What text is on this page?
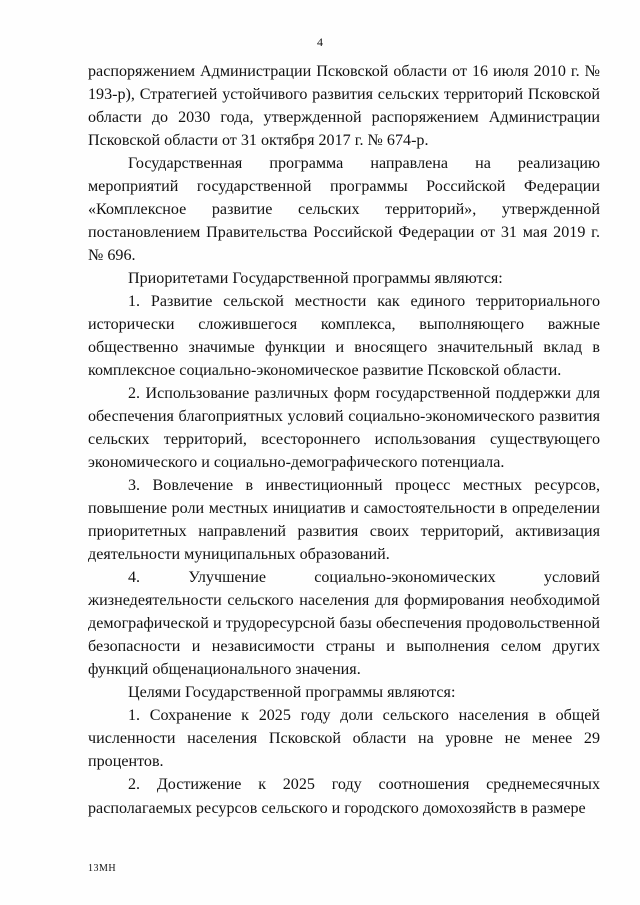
4

распоряжением Администрации Псковской области от 16 июля 2010 г. № 193-р), Стратегией устойчивого развития сельских территорий Псковской области до 2030 года, утвержденной распоряжением Администрации Псковской области от 31 октября 2017 г. № 674-р.

Государственная программа направлена на реализацию мероприятий государственной программы Российской Федерации «Комплексное развитие сельских территорий», утвержденной постановлением Правительства Российской Федерации от 31 мая 2019 г. № 696.

Приоритетами Государственной программы являются:

1. Развитие сельской местности как единого территориального исторически сложившегося комплекса, выполняющего важные общественно значимые функции и вносящего значительный вклад в комплексное социально-экономическое развитие Псковской области.

2. Использование различных форм государственной поддержки для обеспечения благоприятных условий социально-экономического развития сельских территорий, всестороннего использования существующего экономического и социально-демографического потенциала.

3. Вовлечение в инвестиционный процесс местных ресурсов, повышение роли местных инициатив и самостоятельности в определении приоритетных направлений развития своих территорий, активизация деятельности муниципальных образований.

4. Улучшение социально-экономических условий жизнедеятельности сельского населения для формирования необходимой демографической и трудоресурсной базы обеспечения продовольственной безопасности и независимости страны и выполнения селом других функций общенационального значения.

Целями Государственной программы являются:

1. Сохранение к 2025 году доли сельского населения в общей численности населения Псковской области на уровне не менее 29 процентов.

2. Достижение к 2025 году соотношения среднемесячных располагаемых ресурсов сельского и городского домохозяйств в размере

13МН
